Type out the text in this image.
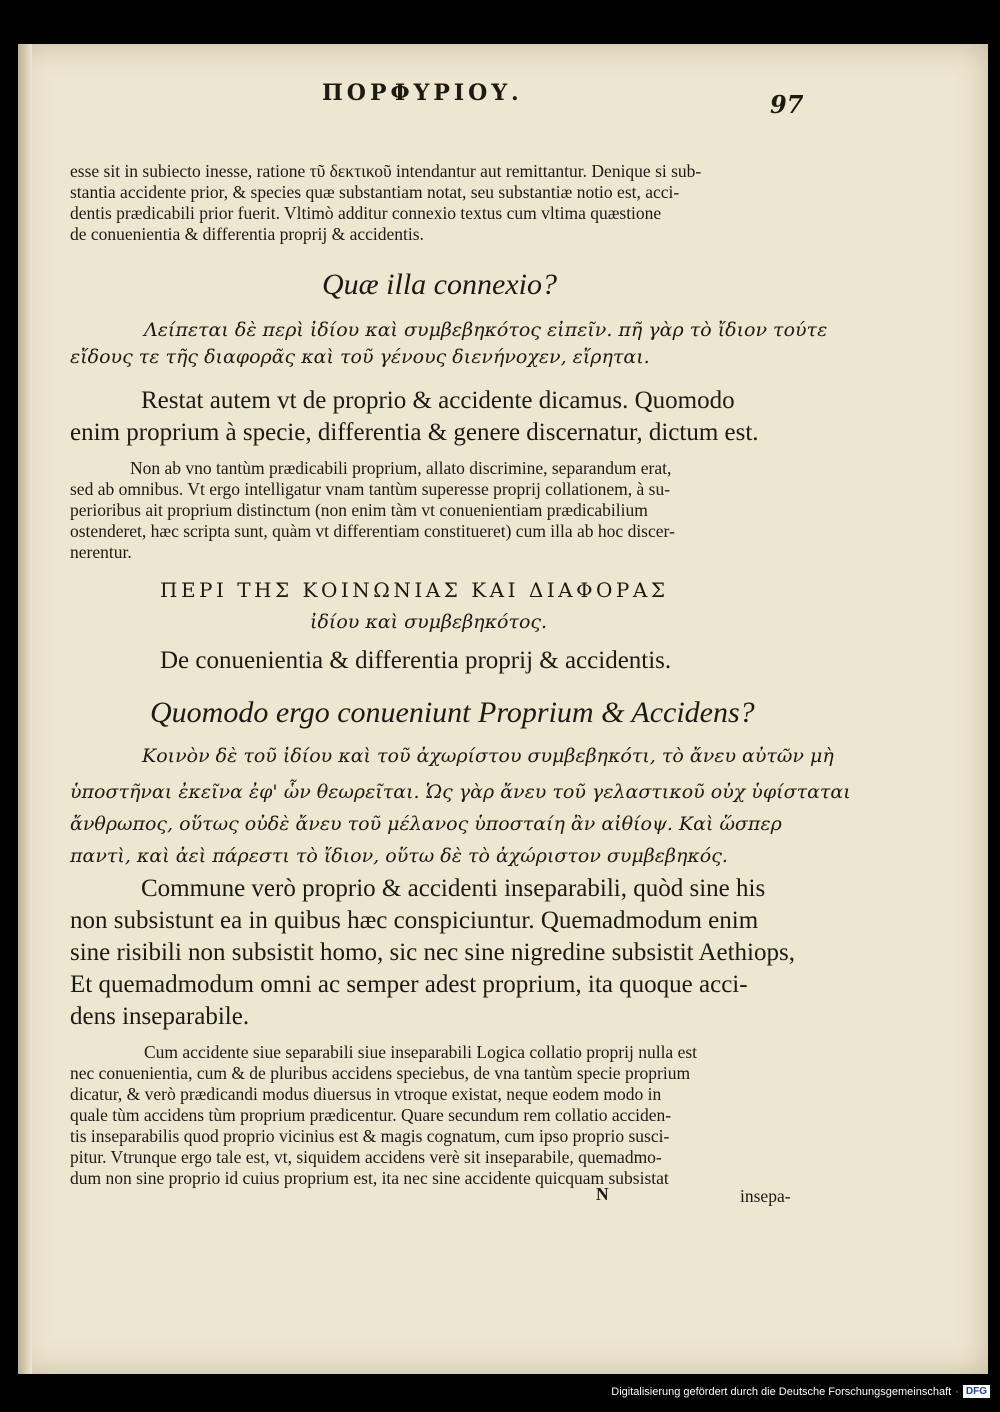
ΠΟΡΦΥΡΙΟΥ.	97

esse sit in subiecto inesse, ratione τῦ δεκτικοῦ intendantur aut remittantur. Denique si sub-

stantia accidente prior, & species quæ substantiam notat, seu substantiæ notio est, acci-

dentis prædicabili prior fuerit. Vltimò additur connexio textus cum vltima quæstione

de conuenientia & differentia proprij & accidentis.

Quæ illa connexio?

Λείπεται δὲ περὶ ἰδίου καὶ συμβεβηκότος εἰπεῖν. πῆ γὰρ τὸ ἴδιον τούτε

εἴδους τε τῆς διαφορᾶς καὶ τοῦ γένους διενήνοχεν, εἴρηται.

Restat autem vt de proprio & accidente dicamus. Quomodo

enim proprium à specie, differentia & genere discernatur, dictum est.

Non ab vno tantùm prædicabili proprium, allato discrimine, separandum erat,

sed ab omnibus. Vt ergo intelligatur vnam tantùm superesse proprij collationem, à su-

perioribus ait proprium distinctum (non enim tàm vt conuenientiam prædicabilium

ostenderet, hæc scripta sunt, quàm vt differentiam constitueret) cum illa ab hoc discer-

nerentur.

ΠΕΡΙ ΤΗΣ ΚΟΙΝΩΝΙΑΣ ΚΑΙ ΔΙΑΦΟΡΑΣ

ἰδίου καὶ συμβεβηκότος.

De conuenientia & differentia proprij & accidentis.

Quomodo ergo conueniunt Proprium & Accidens?

Κοινὸν δὲ τοῦ ἰδίου καὶ τοῦ ἀχωρίστου συμβεβηκότι, τὸ ἄνευ αὐτῶν μὴ

ὑποστῆναι ἐκεῖνα ἐφ' ὧν θεωρεῖται. Ὡς γὰρ ἄνευ τοῦ γελαστικοῦ οὐχ ὑφίσταται

ἄνθρωπος, οὕτως οὐδὲ ἄνευ τοῦ μέλανος ὑποσταίη ἂν αἰθίοψ. Καὶ ὥσπερ

παντὶ, καὶ ἀεὶ πάρεστι τὸ ἴδιον, οὕτω δὲ τὸ ἀχώριστον συμβεβηκός.

Commune verò proprio & accidenti inseparabili, quòd sine his

non subsistunt ea in quibus hæc conspiciuntur. Quemadmodum enim

sine risibili non subsistit homo, sic nec sine nigredine subsistit Aethiops,

Et quemadmodum omni ac semper adest proprium, ita quoque acci-

dens inseparabile.

Cum accidente siue separabili siue inseparabili Logica collatio proprij nulla est

nec conuenientia, cum & de pluribus accidens speciebus, de vna tantùm specie proprium

dicatur, & verò prædicandi modus diuersus in vtroque existat, neque eodem modo in

quale tùm accidens tùm proprium prædicentur. Quare secundum rem collatio acciden-

tis inseparabilis quod proprio vicinius est & magis cognatum, cum ipso proprio susci-

pitur. Vtrunque ergo tale est, vt, siquidem accidens verè sit inseparabile, quemadmo-

dum non sine proprio id cuius proprium est, ita nec sine accidente quicquam subsistat

N	insepa-

Digitalisierung gefördert durch die Deutsche Forschungsgemeinschaft · DFG
